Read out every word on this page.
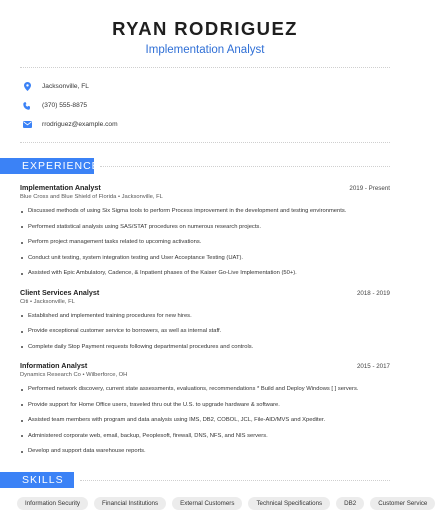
RYAN RODRIGUEZ
Implementation Analyst
Jacksonville, FL
(370) 555-8875
rrodriguez@example.com
EXPERIENCE
Implementation Analyst	2019 - Present
Blue Cross and Blue Shield of Florida • Jacksonville, FL
Discussed methods of using Six Sigma tools to perform Process improvement in the development and testing environments.
Performed statistical analysis using SAS/STAT procedures on numerous research projects.
Perform project management tasks related to upcoming activations.
Conduct unit testing, system integration testing and User Acceptance Testing (UAT).
Assisted with Epic Ambulatory, Cadence, & Inpatient phases of the Kaiser Go-Live Implementation (50+).
Client Services Analyst	2018 - 2019
Citi • Jacksonville, FL
Established and implemented training procedures for new hires.
Provide exceptional customer service to borrowers, as well as internal staff.
Complete daily Stop Payment requests following departmental procedures and controls.
Information Analyst	2015 - 2017
Dynamics Research Co • Wilberforce, OH
Performed network discovery, current state assessments, evaluations, recommendations * Build and Deploy Windows [ ] servers.
Provide support for Home Office users, traveled thru out the U.S. to upgrade hardware & software.
Assisted team members with program and data analysis using IMS, DB2, COBOL, JCL, File-AID/MVS and Xpediter.
Administered corporate web, email, backup, Peoplesoft, firewall, DNS, NFS, and NIS servers.
Develop and support data warehouse reports.
SKILLS
Information Security	Financial Institutions	External Customers	Technical Specifications	DB2	Customer Service
